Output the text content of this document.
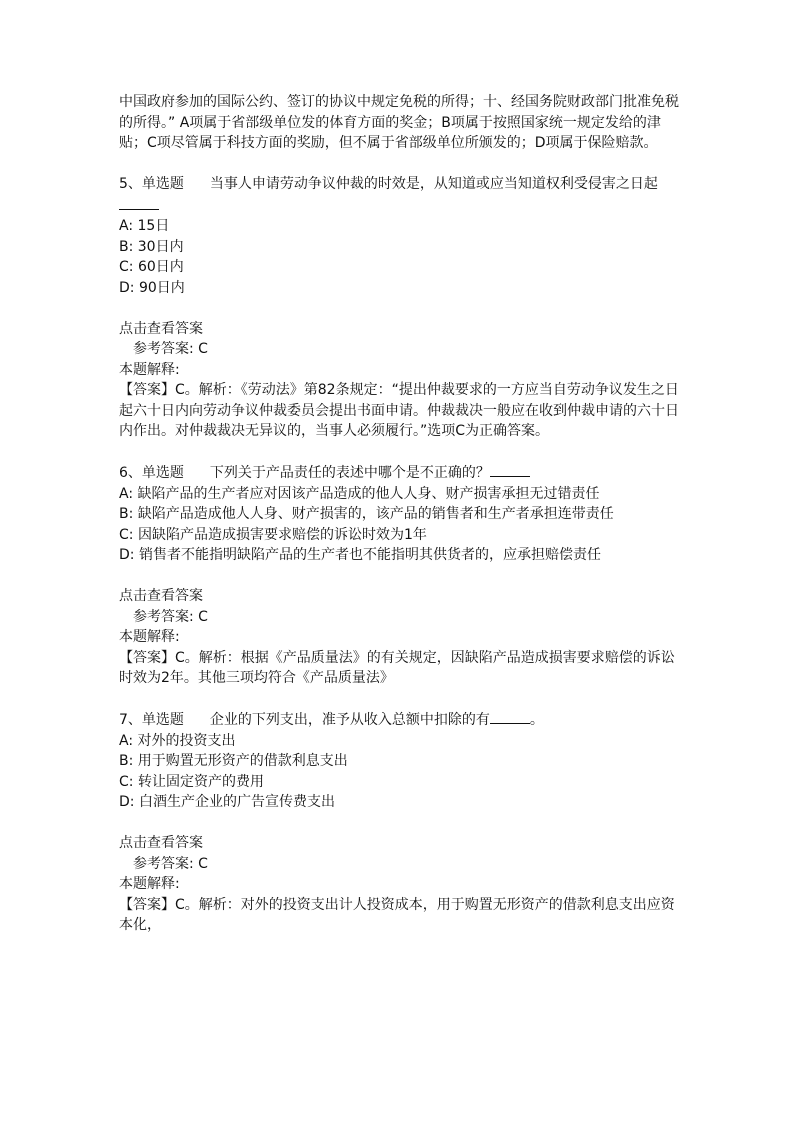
中国政府参加的国际公约、签订的协议中规定免税的所得；十、经国务院财政部门批准免税的所得。” A项属于省部级单位发的体育方面的奖金；B项属于按照国家统一规定发给的津贴；C项尽管属于科技方面的奖励，但不属于省部级单位所颁发的；D项属于保险赔款。

5、单选题 当事人申请劳动争议仲裁的时效是，从知道或应当知道权利受侵害之日起

A: 15日

B: 30日内

C: 60日内

D: 90日内

点击查看答案

参考答案: C

本题解释:

【答案】C。解析：《劳动法》第82条规定：“提出仲裁要求的一方应当自劳动争议发生之日起六十日内向劳动争议仲裁委员会提出书面申请。仲裁裁决一般应在收到仲裁申请的六十日内作出。对仲裁裁决无异议的，当事人必须履行。”选项C为正确答案。

6、单选题 下列关于产品责任的表述中哪个是不正确的？

A: 缺陷产品的生产者应对因该产品造成的他人人身、财产损害承担无过错责任

B: 缺陷产品造成他人人身、财产损害的，该产品的销售者和生产者承担连带责任

C: 因缺陷产品造成损害要求赔偿的诉讼时效为1年

D: 销售者不能指明缺陷产品的生产者也不能指明其供货者的，应承担赔偿责任

点击查看答案

参考答案: C

本题解释:

【答案】C。解析：根据《产品质量法》的有关规定，因缺陷产品造成损害要求赔偿的诉讼时效为2年。其他三项均符合《产品质量法》

7、单选题 企业的下列支出，准予从收入总额中扣除的有	。

A: 对外的投资支出

B: 用于购置无形资产的借款利息支出

C: 转让固定资产的费用

D: 白酒生产企业的广告宣传费支出

点击查看答案

参考答案: C

本题解释:

【答案】C。解析：对外的投资支出计人投资成本，用于购置无形资产的借款利息支出应资本化，
